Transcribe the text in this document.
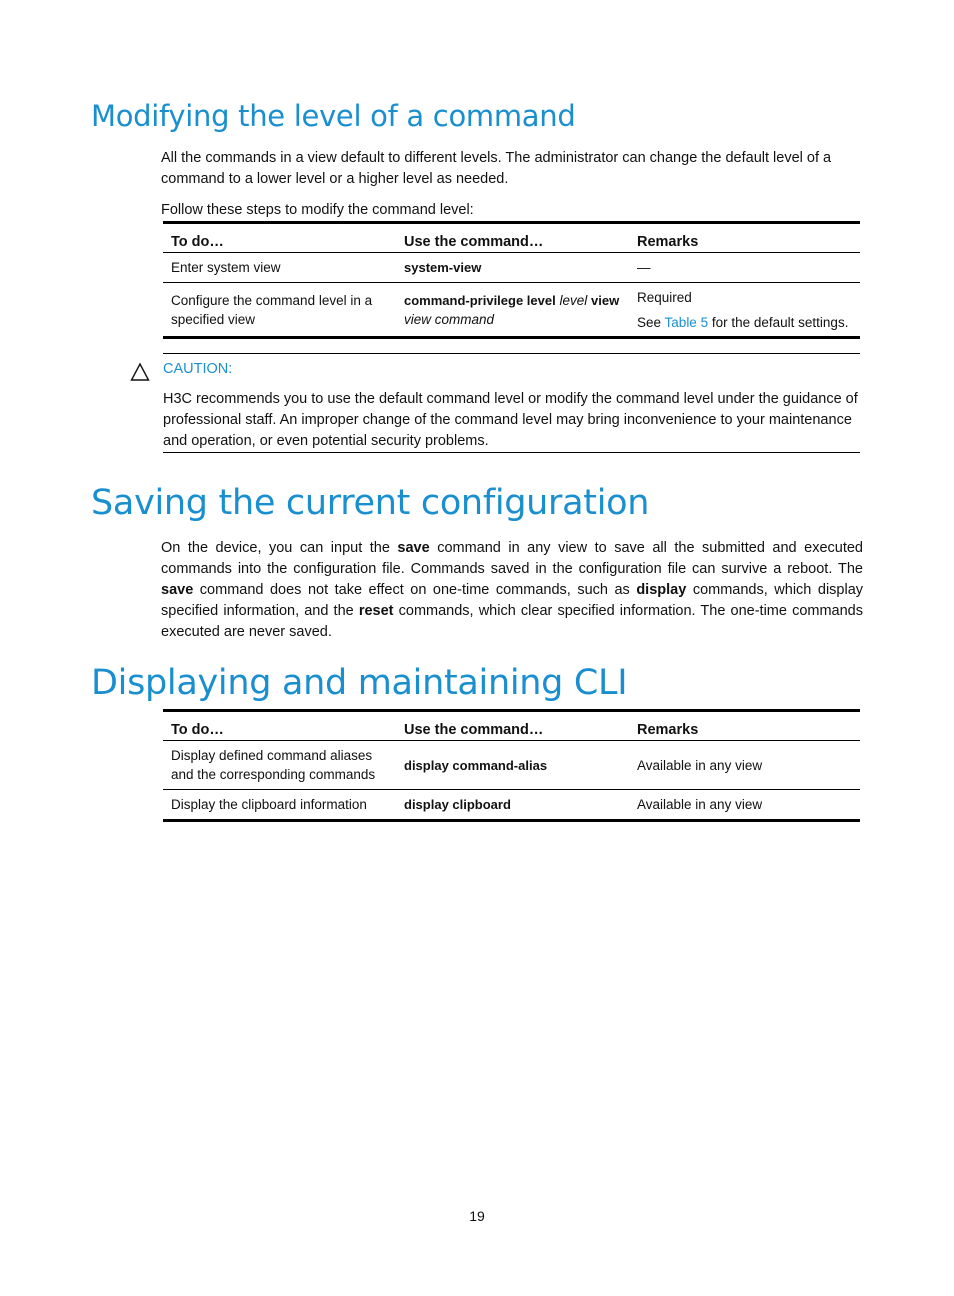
Modifying the level of a command

All the commands in a view default to different levels. The administrator can change the default level of a command to a lower level or a higher level as needed.

Follow these steps to modify the command level:

To do…	Use the command…	Remarks
Enter system view	system-view	—
Configure the command level in a specified view	command-privilege level level view view command	Required
See Table 5 for the default settings.
CAUTION:

H3C recommends you to use the default command level or modify the command level under the guidance of professional staff. An improper change of the command level may bring inconvenience to your maintenance and operation, or even potential security problems.

Saving the current configuration

On the device, you can input the save command in any view to save all the submitted and executed commands into the configuration file. Commands saved in the configuration file can survive a reboot. The save command does not take effect on one-time commands, such as display commands, which display specified information, and the reset commands, which clear specified information. The one-time commands executed are never saved.

Displaying and maintaining CLI
To do…	Use the command…	Remarks
Display defined command aliases and the corresponding commands	display command-alias	Available in any view
Display the clipboard information	display clipboard	Available in any view
19
